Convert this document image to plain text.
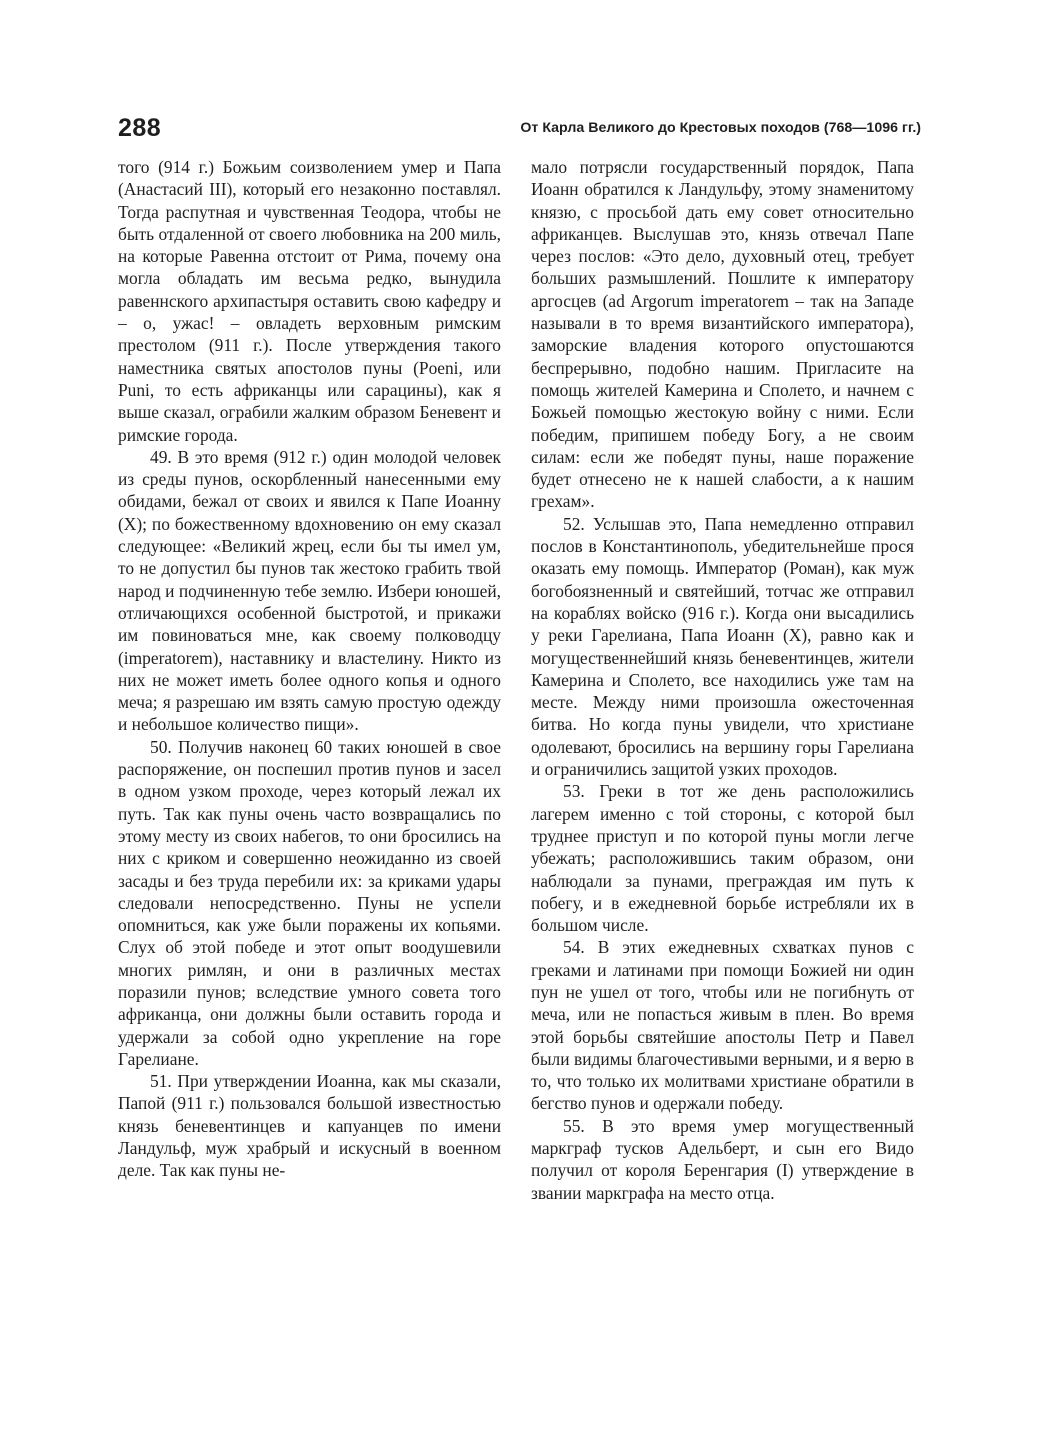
288	От Карла Великого до Крестовых походов (768—1096 гг.)

того (914 г.) Божьим соизволением умер и Папа (Анастасий III), который его незаконно поставлял. Тогда распутная и чувственная Теодора, чтобы не быть отдаленной от своего любовника на 200 миль, на которые Равенна отстоит от Рима, почему она могла обладать им весьма редко, вынудила равеннского архипастыря оставить свою кафедру и – о, ужас! – овладеть верховным римским престолом (911 г.). После утверждения такого наместника святых апостолов пуны (Poeni, или Puni, то есть африканцы или сарацины), как я выше сказал, ограбили жалким образом Беневент и римские города.

49. В это время (912 г.) один молодой человек из среды пунов, оскорбленный нанесенными ему обидами, бежал от своих и явился к Папе Иоанну (X); по божественному вдохновению он ему сказал следующее: «Великий жрец, если бы ты имел ум, то не допустил бы пунов так жестоко грабить твой народ и подчиненную тебе землю. Избери юношей, отличающихся особенной быстротой, и прикажи им повиноваться мне, как своему полководцу (imperatorem), наставнику и властелину. Никто из них не может иметь более одного копья и одного меча; я разрешаю им взять самую простую одежду и небольшое количество пищи».

50. Получив наконец 60 таких юношей в свое распоряжение, он поспешил против пунов и засел в одном узком проходе, через который лежал их путь. Так как пуны очень часто возвращались по этому месту из своих набегов, то они бросились на них с криком и совершенно неожиданно из своей засады и без труда перебили их: за криками удары следовали непосредственно. Пуны не успели опомниться, как уже были поражены их копьями. Слух об этой победе и этот опыт воодушевили многих римлян, и они в различных местах поразили пунов; вследствие умного совета того африканца, они должны были оставить города и удержали за собой одно укрепление на горе Гарелиане.

51. При утверждении Иоанна, как мы сказали, Папой (911 г.) пользовался большой известностью князь беневентинцев и капуанцев по имени Ландульф, муж храбрый и искусный в военном деле. Так как пуны не-

мало потрясли государственный порядок, Папа Иоанн обратился к Ландульфу, этому знаменитому князю, с просьбой дать ему совет относительно африканцев. Выслушав это, князь отвечал Папе через послов: «Это дело, духовный отец, требует больших размышлений. Пошлите к императору аргосцев (ad Argorum imperatorem – так на Западе называли в то время византийского императора), заморские владения которого опустошаются беспрерывно, подобно нашим. Пригласите на помощь жителей Камерина и Сполето, и начнем с Божьей помощью жестокую войну с ними. Если победим, припишем победу Богу, а не своим силам: если же победят пуны, наше поражение будет отнесено не к нашей слабости, а к нашим грехам».

52. Услышав это, Папа немедленно отправил послов в Константинополь, убедительнейше прося оказать ему помощь. Император (Роман), как муж богобоязненный и святейший, тотчас же отправил на кораблях войско (916 г.). Когда они высадились у реки Гарелиана, Папа Иоанн (X), равно как и могущественнейший князь беневентинцев, жители Камерина и Сполето, все находились уже там на месте. Между ними произошла ожесточенная битва. Но когда пуны увидели, что христиане одолевают, бросились на вершину горы Гарелиана и ограничились защитой узких проходов.

53. Греки в тот же день расположились лагерем именно с той стороны, с которой был труднее приступ и по которой пуны могли легче убежать; расположившись таким образом, они наблюдали за пунами, преграждая им путь к побегу, и в ежедневной борьбе истребляли их в большом числе.

54. В этих ежедневных схватках пунов с греками и латинами при помощи Божией ни один пун не ушел от того, чтобы или не погибнуть от меча, или не попасться живым в плен. Во время этой борьбы святейшие апостолы Петр и Павел были видимы благочестивыми верными, и я верю в то, что только их молитвами христиане обратили в бегство пунов и одержали победу.

55. В это время умер могущественный маркграф тусков Адельберт, и сын его Видо получил от короля Беренгария (I) утверждение в звании маркграфа на место отца.
